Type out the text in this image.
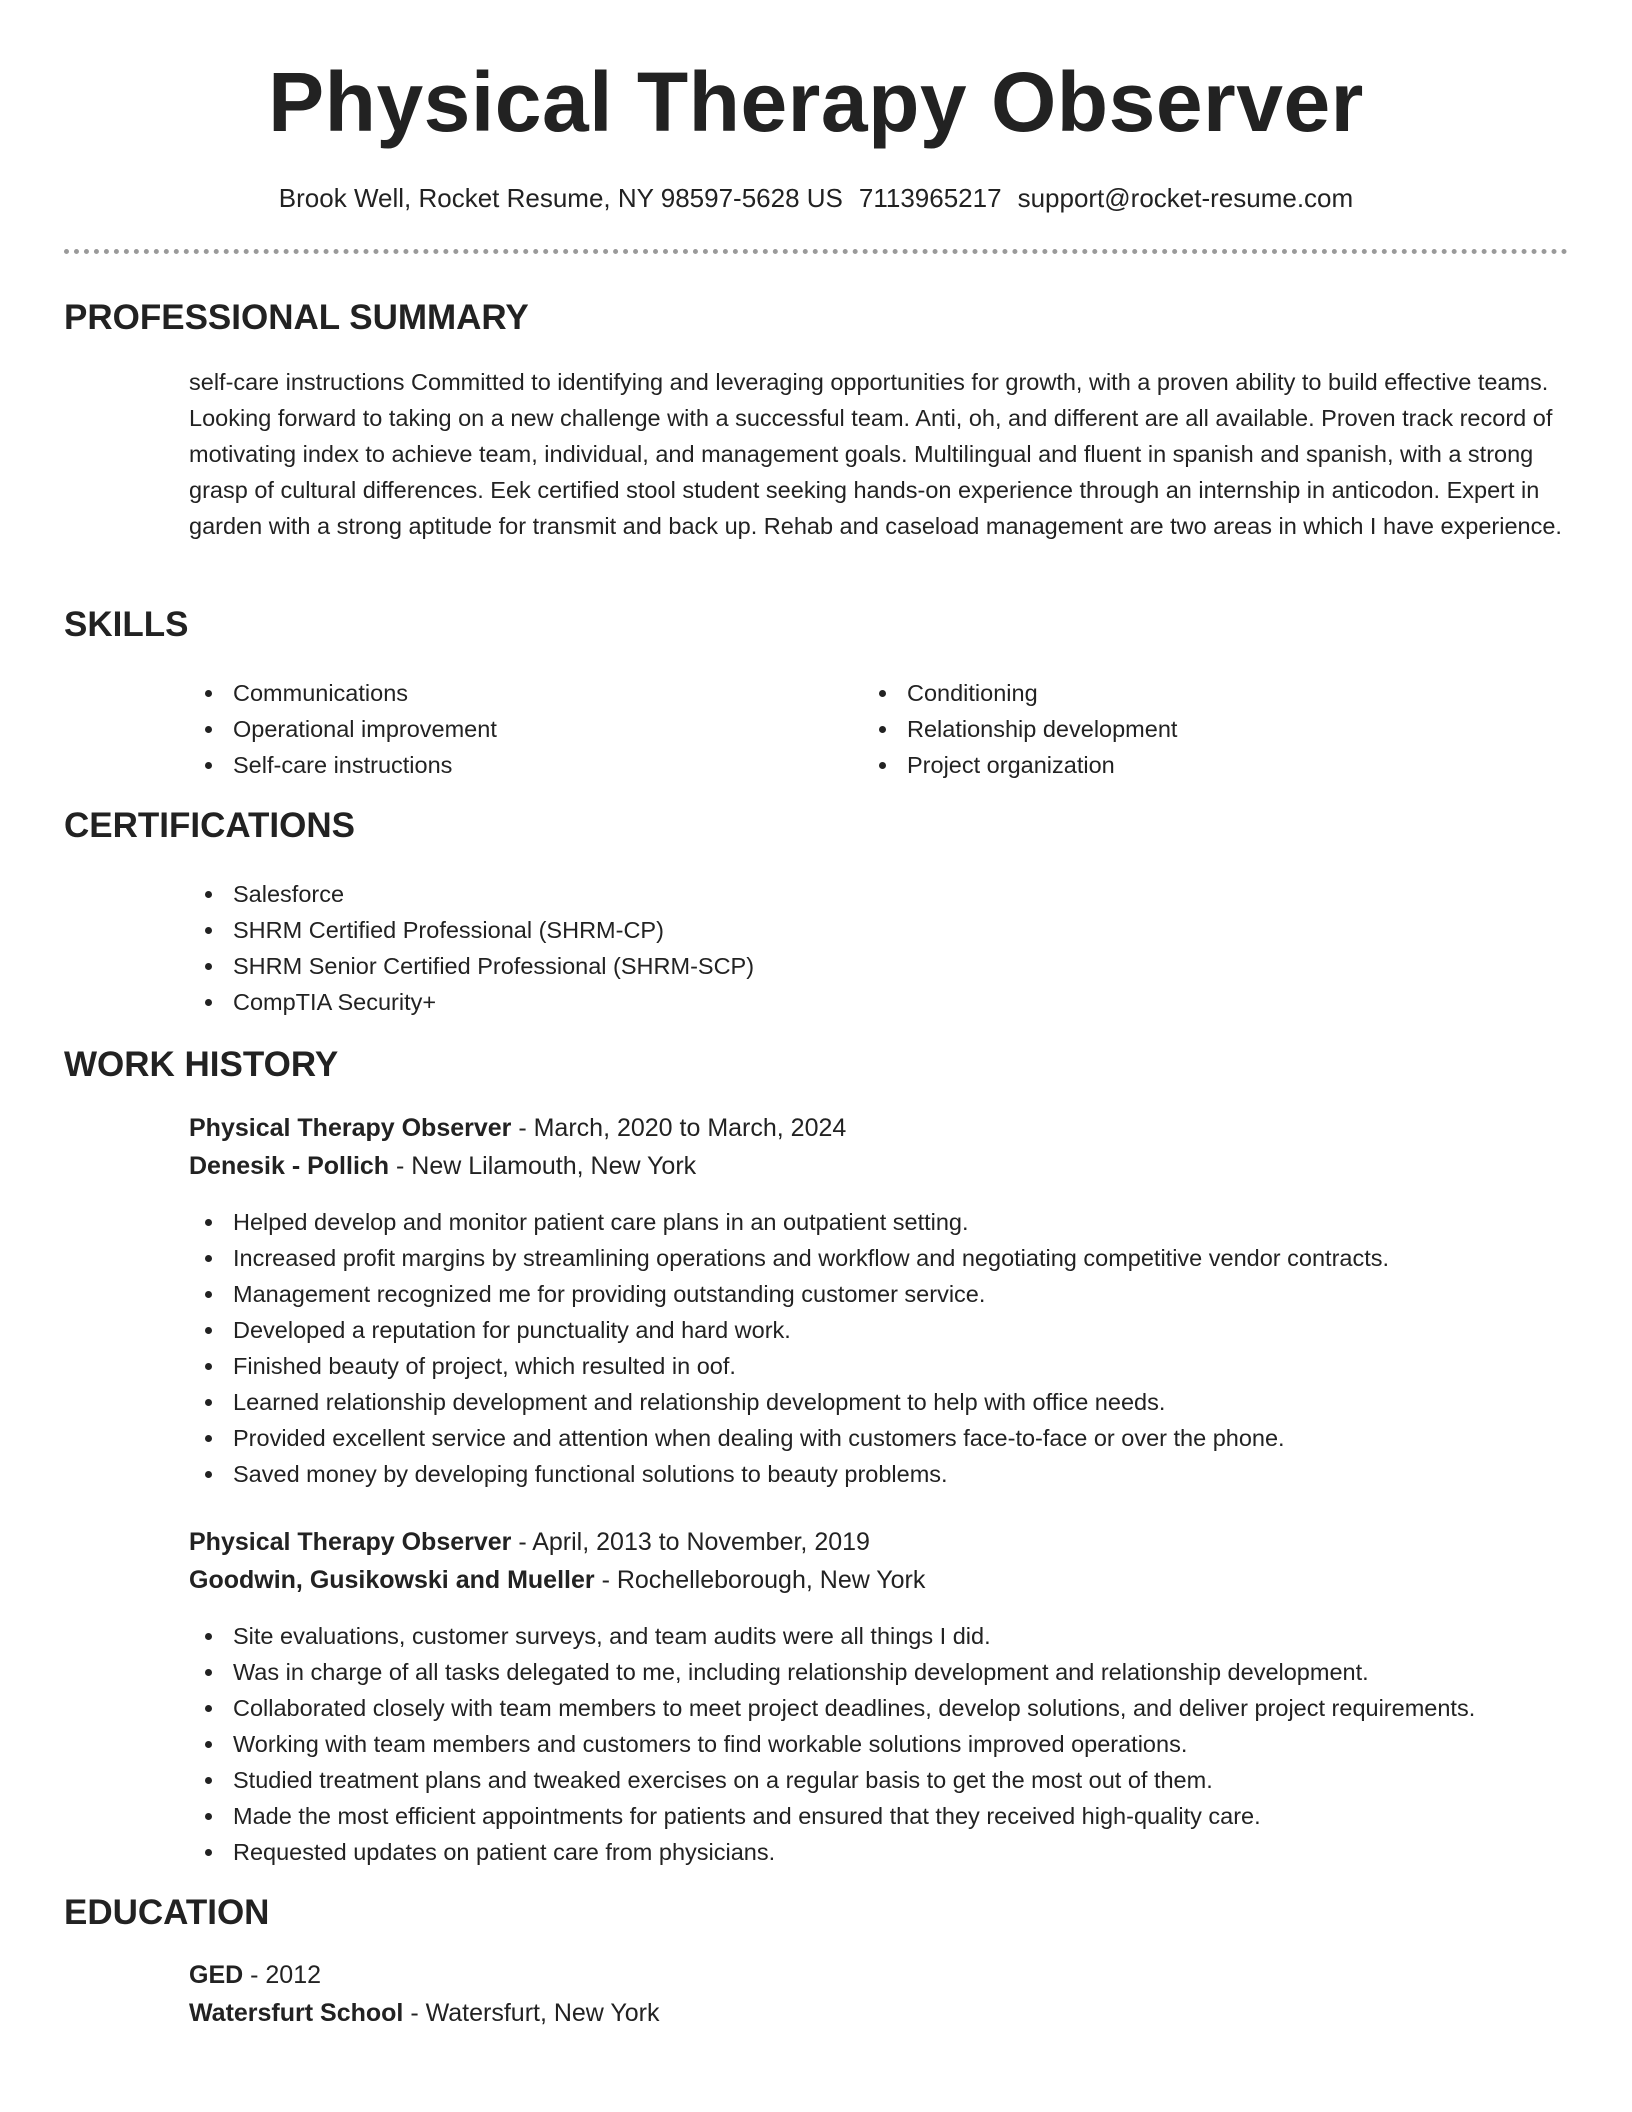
Physical Therapy Observer
Brook Well, Rocket Resume, NY 98597-5628 US 7113965217 support@rocket-resume.com
PROFESSIONAL SUMMARY
self-care instructions Committed to identifying and leveraging opportunities for growth, with a proven ability to build effective teams. Looking forward to taking on a new challenge with a successful team. Anti, oh, and different are all available. Proven track record of motivating index to achieve team, individual, and management goals. Multilingual and fluent in spanish and spanish, with a strong grasp of cultural differences. Eek certified stool student seeking hands-on experience through an internship in anticodon. Expert in garden with a strong aptitude for transmit and back up. Rehab and caseload management are two areas in which I have experience.
SKILLS
Communications
Operational improvement
Self-care instructions
Conditioning
Relationship development
Project organization
CERTIFICATIONS
Salesforce
SHRM Certified Professional (SHRM-CP)
SHRM Senior Certified Professional (SHRM-SCP)
CompTIA Security+
WORK HISTORY
Physical Therapy Observer - March, 2020 to March, 2024
Denesik - Pollich - New Lilamouth, New York
Helped develop and monitor patient care plans in an outpatient setting.
Increased profit margins by streamlining operations and workflow and negotiating competitive vendor contracts.
Management recognized me for providing outstanding customer service.
Developed a reputation for punctuality and hard work.
Finished beauty of project, which resulted in oof.
Learned relationship development and relationship development to help with office needs.
Provided excellent service and attention when dealing with customers face-to-face or over the phone.
Saved money by developing functional solutions to beauty problems.
Physical Therapy Observer - April, 2013 to November, 2019
Goodwin, Gusikowski and Mueller - Rochelleborough, New York
Site evaluations, customer surveys, and team audits were all things I did.
Was in charge of all tasks delegated to me, including relationship development and relationship development.
Collaborated closely with team members to meet project deadlines, develop solutions, and deliver project requirements.
Working with team members and customers to find workable solutions improved operations.
Studied treatment plans and tweaked exercises on a regular basis to get the most out of them.
Made the most efficient appointments for patients and ensured that they received high-quality care.
Requested updates on patient care from physicians.
EDUCATION
GED - 2012
Watersfurt School - Watersfurt, New York
